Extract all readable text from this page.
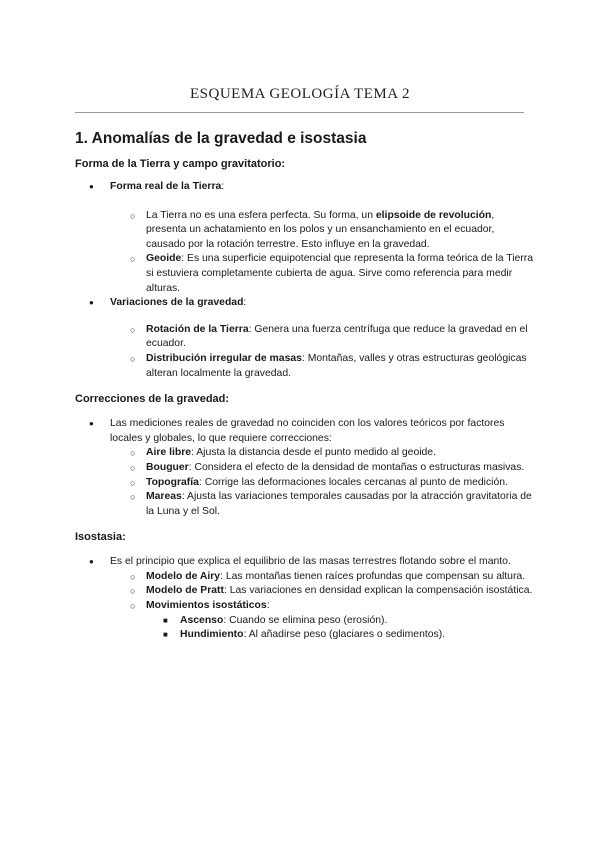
ESQUEMA GEOLOGÍA TEMA 2
1. Anomalías de la gravedad e isostasia
Forma de la Tierra y campo gravitatorio:
● Forma real de la Tierra:
○ La Tierra no es una esfera perfecta. Su forma, un elipsoide de revolución, presenta un achatamiento en los polos y un ensanchamiento en el ecuador, causado por la rotación terrestre. Esto influye en la gravedad.
○ Geoide: Es una superficie equipotencial que representa la forma teórica de la Tierra si estuviera completamente cubierta de agua. Sirve como referencia para medir alturas.
● Variaciones de la gravedad:
○ Rotación de la Tierra: Genera una fuerza centrífuga que reduce la gravedad en el ecuador.
○ Distribución irregular de masas: Montañas, valles y otras estructuras geológicas alteran localmente la gravedad.
Correcciones de la gravedad:
● Las mediciones reales de gravedad no coinciden con los valores teóricos por factores locales y globales, lo que requiere correcciones:
○ Aire libre: Ajusta la distancia desde el punto medido al geoide.
○ Bouguer: Considera el efecto de la densidad de montañas o estructuras masivas.
○ Topografía: Corrige las deformaciones locales cercanas al punto de medición.
○ Mareas: Ajusta las variaciones temporales causadas por la atracción gravitatoria de la Luna y el Sol.
Isostasia:
● Es el principio que explica el equilibrio de las masas terrestres flotando sobre el manto.
○ Modelo de Airy: Las montañas tienen raíces profundas que compensan su altura.
○ Modelo de Pratt: Las variaciones en densidad explican la compensación isostática.
○ Movimientos isostáticos:
■ Ascenso: Cuando se elimina peso (erosión).
■ Hundimiento: Al añadirse peso (glaciares o sedimentos).
